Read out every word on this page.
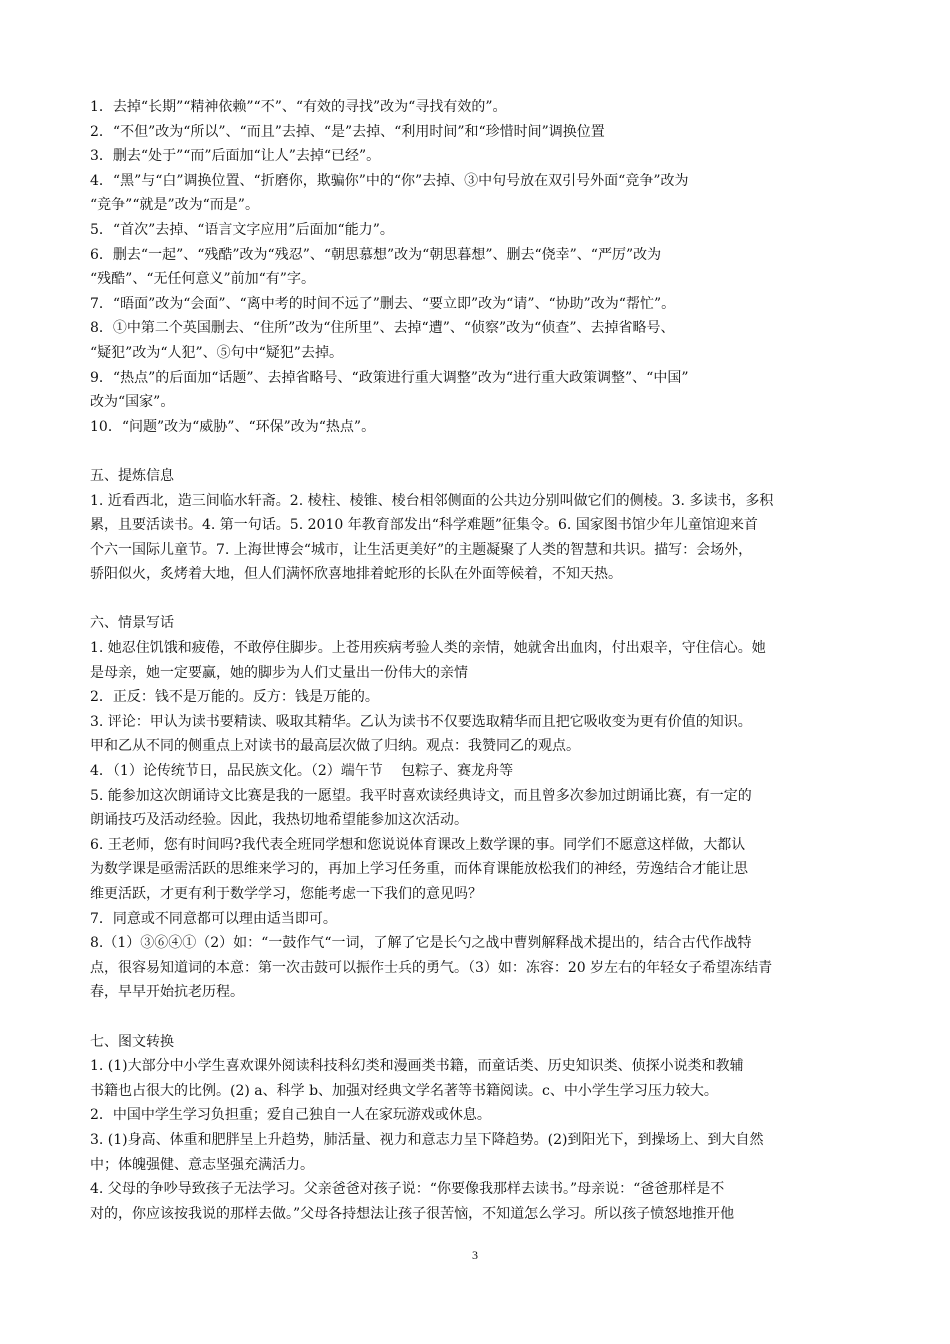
1．去掉“长期”“精神依赖”“不”、“有效的寻找”改为“寻找有效的”。
2．“不但”改为“所以”、“而且”去掉、“是”去掉、“利用时间”和“珍惜时间”调换位置
3．删去“处于”“而”后面加“让人”去掉“已经”。
4．“黑”与“白”调换位置、“折磨你，欺骗你”中的“你”去掉、③中句号放在双引号外面“竞争”改为
“竞争”“就是”改为“而是”。
5．“首次”去掉、“语言文字应用”后面加“能力”。
6．删去“一起”、“残酷”改为“残忍”、“朝思慕想”改为“朝思暮想”、删去“侥幸”、“严厉”改为
“残酷”、“无任何意义”前加“有”字。
7．“晤面”改为“会面”、“离中考的时间不远了”删去、“要立即”改为“请”、“协助”改为“帮忙”。
8．①中第二个英国删去、“住所”改为“住所里”、去掉“遭”、“侦察”改为“侦查”、去掉省略号、
“疑犯”改为“人犯”、⑤句中“疑犯”去掉。
9．“热点”的后面加“话题”、去掉省略号、“政策进行重大调整”改为“进行重大政策调整”、“中国”
改为“国家”。
10．“问题”改为“威胁”、“环保”改为“热点”。
五、提炼信息
1. 近看西北，造三间临水轩斋。2. 棱柱、棱锥、棱台相邻侧面的公共边分别叫做它们的侧棱。3. 多读书，多积
累，且要活读书。4. 第一句话。5. 2010 年教育部发出“科学难题”征集令。6. 国家图书馆少年儿童馆迎来首
个六一国际儿童节。7. 上海世博会“城市，让生活更美好”的主题凝聚了人类的智慧和共识。描写：会场外，
骄阳似火，炙烤着大地，但人们满怀欣喜地排着蛇形的长队在外面等候着，不知天热。
六、情景写话
1. 她忍住饥饿和疲倦，不敢停住脚步。上苍用疾病考验人类的亲情，她就舍出血肉，付出艰辛，守住信心。她
是母亲，她一定要赢，她的脚步为人们丈量出一份伟大的亲情
2．正反：钱不是万能的。反方：钱是万能的。
3. 评论：甲认为读书要精读、吸取其精华。乙认为读书不仅要选取精华而且把它吸收变为更有价值的知识。
甲和乙从不同的侧重点上对读书的最高层次做了归纳。观点：我赞同乙的观点。
4．（1）论传统节日，品民族文化。（2）端午节　 包粽子、赛龙舟等
5. 能参加这次朗诵诗文比赛是我的一愿望。我平时喜欢读经典诗文，而且曾多次参加过朗诵比赛，有一定的
朗诵技巧及活动经验。因此，我热切地希望能参加这次活动。
6. 王老师，您有时间吗?我代表全班同学想和您说说体育课改上数学课的事。同学们不愿意这样做，大都认
为数学课是亟需活跃的思维来学习的，再加上学习任务重，而体育课能放松我们的神经，劳逸结合才能让思
维更活跃，才更有利于数学学习，您能考虑一下我们的意见吗？
7．同意或不同意都可以理由适当即可。
8.（1）③⑥④①（2）如：“一鼓作气“一词，了解了它是长勺之战中曹刿解释战术提出的，结合古代作战特
点，很容易知道词的本意：第一次击鼓可以振作士兵的勇气。（3）如：冻容：20 岁左右的年轻女子希望冻结青
春，早早开始抗老历程。
七、图文转换
1. (1)大部分中小学生喜欢课外阅读科技科幻类和漫画类书籍，而童话类、历史知识类、侦探小说类和教辅
书籍也占很大的比例。(2) a、科学 b、加强对经典文学名著等书籍阅读。c、中小学生学习压力较大。
2．中国中学生学习负担重；爱自己独自一人在家玩游戏或休息。
3. (1)身高、体重和肥胖呈上升趋势，肺活量、视力和意志力呈下降趋势。(2)到阳光下，到操场上、到大自然
中；体魄强健、意志坚强充满活力。
4. 父母的争吵导致孩子无法学习。父亲爸爸对孩子说：“你要像我那样去读书。”母亲说：“爸爸那样是不
对的，你应该按我说的那样去做。”父母各持想法让孩子很苦恼，不知道怎么学习。所以孩子愤怒地推开他
3
